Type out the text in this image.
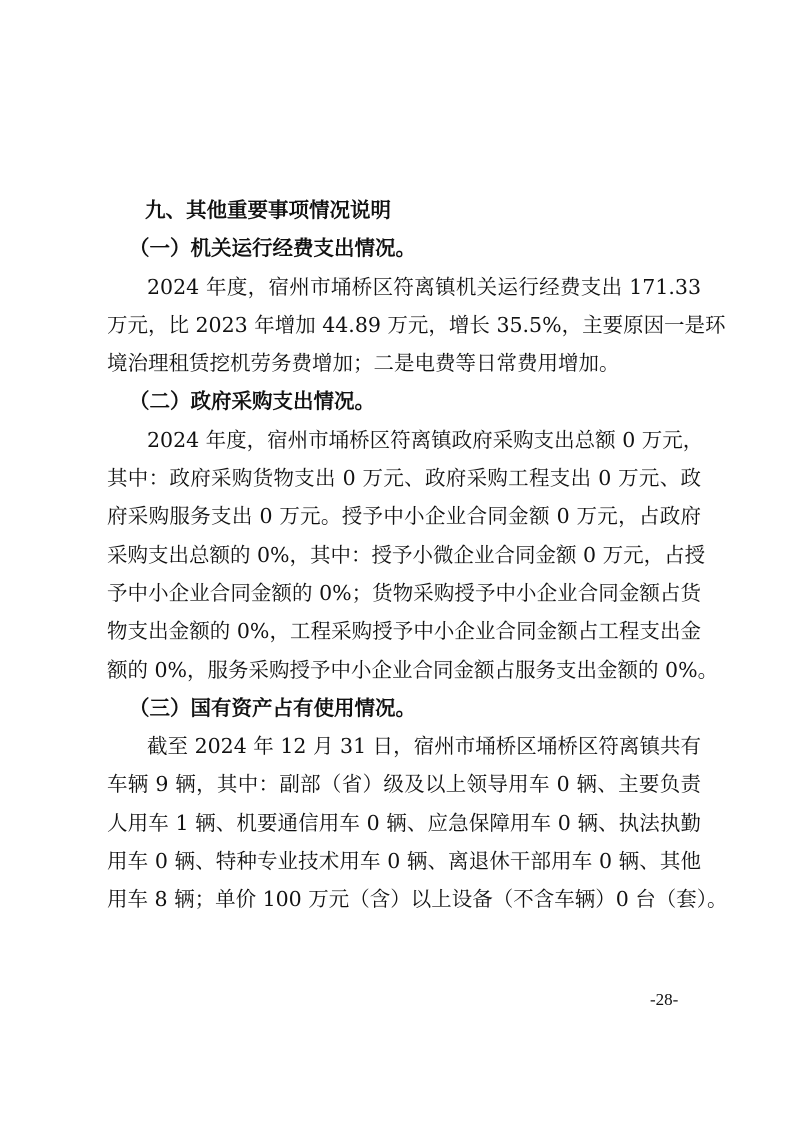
九、其他重要事项情况说明
（一）机关运行经费支出情况。
2024 年度，宿州市埇桥区符离镇机关运行经费支出 171.33
万元，比 2023 年增加 44.89 万元，增长 35.5%，主要原因一是环
境治理租赁挖机劳务费增加；二是电费等日常费用增加。
（二）政府采购支出情况。
2024 年度，宿州市埇桥区符离镇政府采购支出总额 0 万元，
其中：政府采购货物支出 0 万元、政府采购工程支出 0 万元、政
府采购服务支出 0 万元。授予中小企业合同金额 0 万元，占政府
采购支出总额的 0%，其中：授予小微企业合同金额 0 万元，占授
予中小企业合同金额的 0%；货物采购授予中小企业合同金额占货
物支出金额的 0%，工程采购授予中小企业合同金额占工程支出金
额的 0%，服务采购授予中小企业合同金额占服务支出金额的 0%。
（三）国有资产占有使用情况。
截至 2024 年 12 月 31 日，宿州市埇桥区埇桥区符离镇共有
车辆 9 辆，其中：副部（省）级及以上领导用车 0 辆、主要负责
人用车 1 辆、机要通信用车 0 辆、应急保障用车 0 辆、执法执勤
用车 0 辆、特种专业技术用车 0 辆、离退休干部用车 0 辆、其他
用车 8 辆；单价 100 万元（含）以上设备（不含车辆）0 台（套）。
-28-
